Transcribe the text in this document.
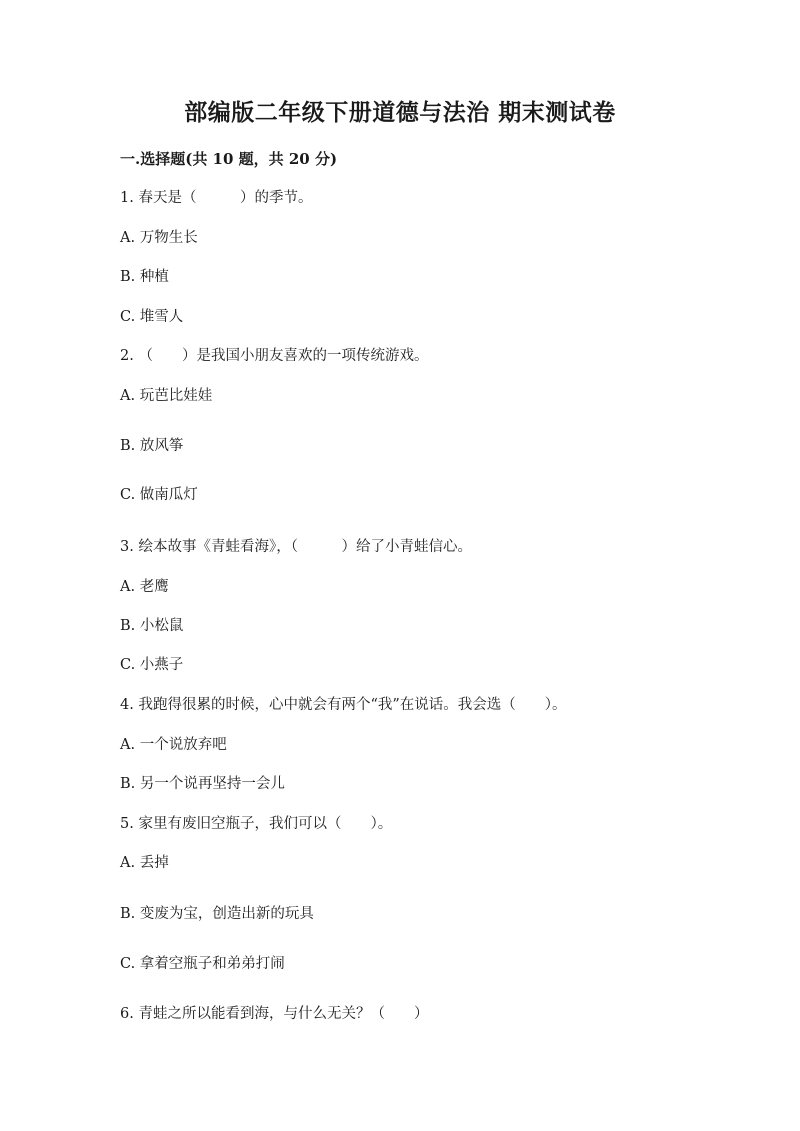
部编版二年级下册道德与法治 期末测试卷
一.选择题(共 10 题，共 20 分)
1. 春天是（　　　）的季节。
A. 万物生长
B. 种植
C. 堆雪人
2. （　　）是我国小朋友喜欢的一项传统游戏。
A. 玩芭比娃娃
B. 放风筝
C. 做南瓜灯
3. 绘本故事《青蛙看海》，（　　　）给了小青蛙信心。
A. 老鹰
B. 小松鼠
C. 小燕子
4. 我跑得很累的时候，心中就会有两个“我”在说话。我会选（　　）。
A. 一个说放弃吧
B. 另一个说再坚持一会儿
5. 家里有废旧空瓶子，我们可以（　　）。
A. 丢掉
B. 变废为宝，创造出新的玩具
C. 拿着空瓶子和弟弟打闹
6. 青蛙之所以能看到海，与什么无关？（　　）
